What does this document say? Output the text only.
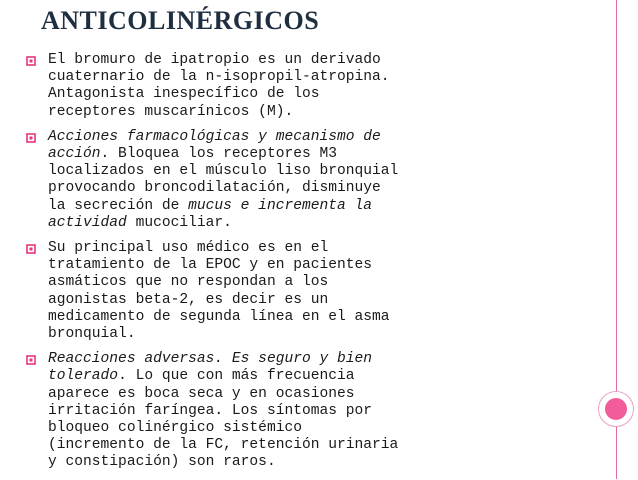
ANTICOLINÉRGICOS
El bromuro de ipatropio es un derivado cuaternario de la n-isopropil-atropina. Antagonista inespecífico de los receptores muscarínicos (M).
Acciones farmacológicas y mecanismo de acción. Bloquea los receptores M3 localizados en el músculo liso bronquial provocando broncodilatación, disminuye la secreción de mucus e incrementa la actividad mucociliar.
Su principal uso médico es en el tratamiento de la EPOC y en pacientes asmáticos que no respondan a los agonistas beta-2, es decir es un medicamento de segunda línea en el asma bronquial.
Reacciones adversas. Es seguro y bien tolerado. Lo que con más frecuencia aparece es boca seca y en ocasiones irritación faríngea. Los síntomas por bloqueo colinérgico sistémico (incremento de la FC, retención urinaria y constipación) son raros.
